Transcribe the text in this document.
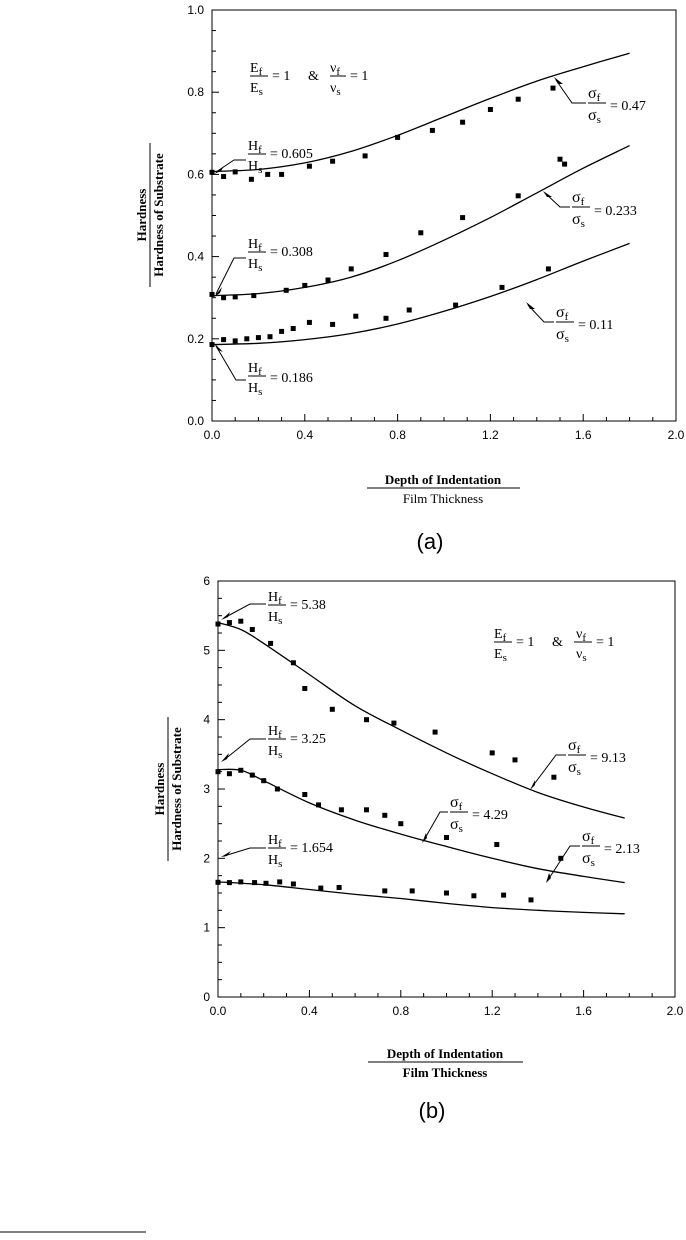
0.0	0.4	0.8	1.2	1.6	2.0
0.0
0.2
0.4
0.6
0.8
1.0
Hardness Hardness of Substrate
Depth of Indentation
Film Thickness
(a)
$E_f$
$E_s$
= 1 &
$\nu_f$
$\nu_s$
= 1
$H_f$
$H_s$
= 0.605
$H_f$
$H_s$
= 0.308
$H_f$
$H_s$
= 0.186
$\sigma_f$
$\sigma_s$
= 0.47
$\sigma_f$
$\sigma_s$
= 0.233
$\sigma_f$
$\sigma_s$
= 0.11
0.0	0.4	0.8	1.2	1.6	2.0
0
1
2
3
4
5
6
Hardness Hardness of Substrate
Depth of Indentation
Film Thickness
(b)
$E_f$
$E_s$
= 1 &
$\nu_f$
$\nu_s$
= 1
$H_f$
$H_s$
= 5.38
$H_f$
$H_s$
= 3.25
$H_f$
$H_s$
= 1.654
$\sigma_f$
$\sigma_s$
= 9.13
$\sigma_f$
$\sigma_s$
= 4.29
$\sigma_f$
$\sigma_s$
= 2.13
